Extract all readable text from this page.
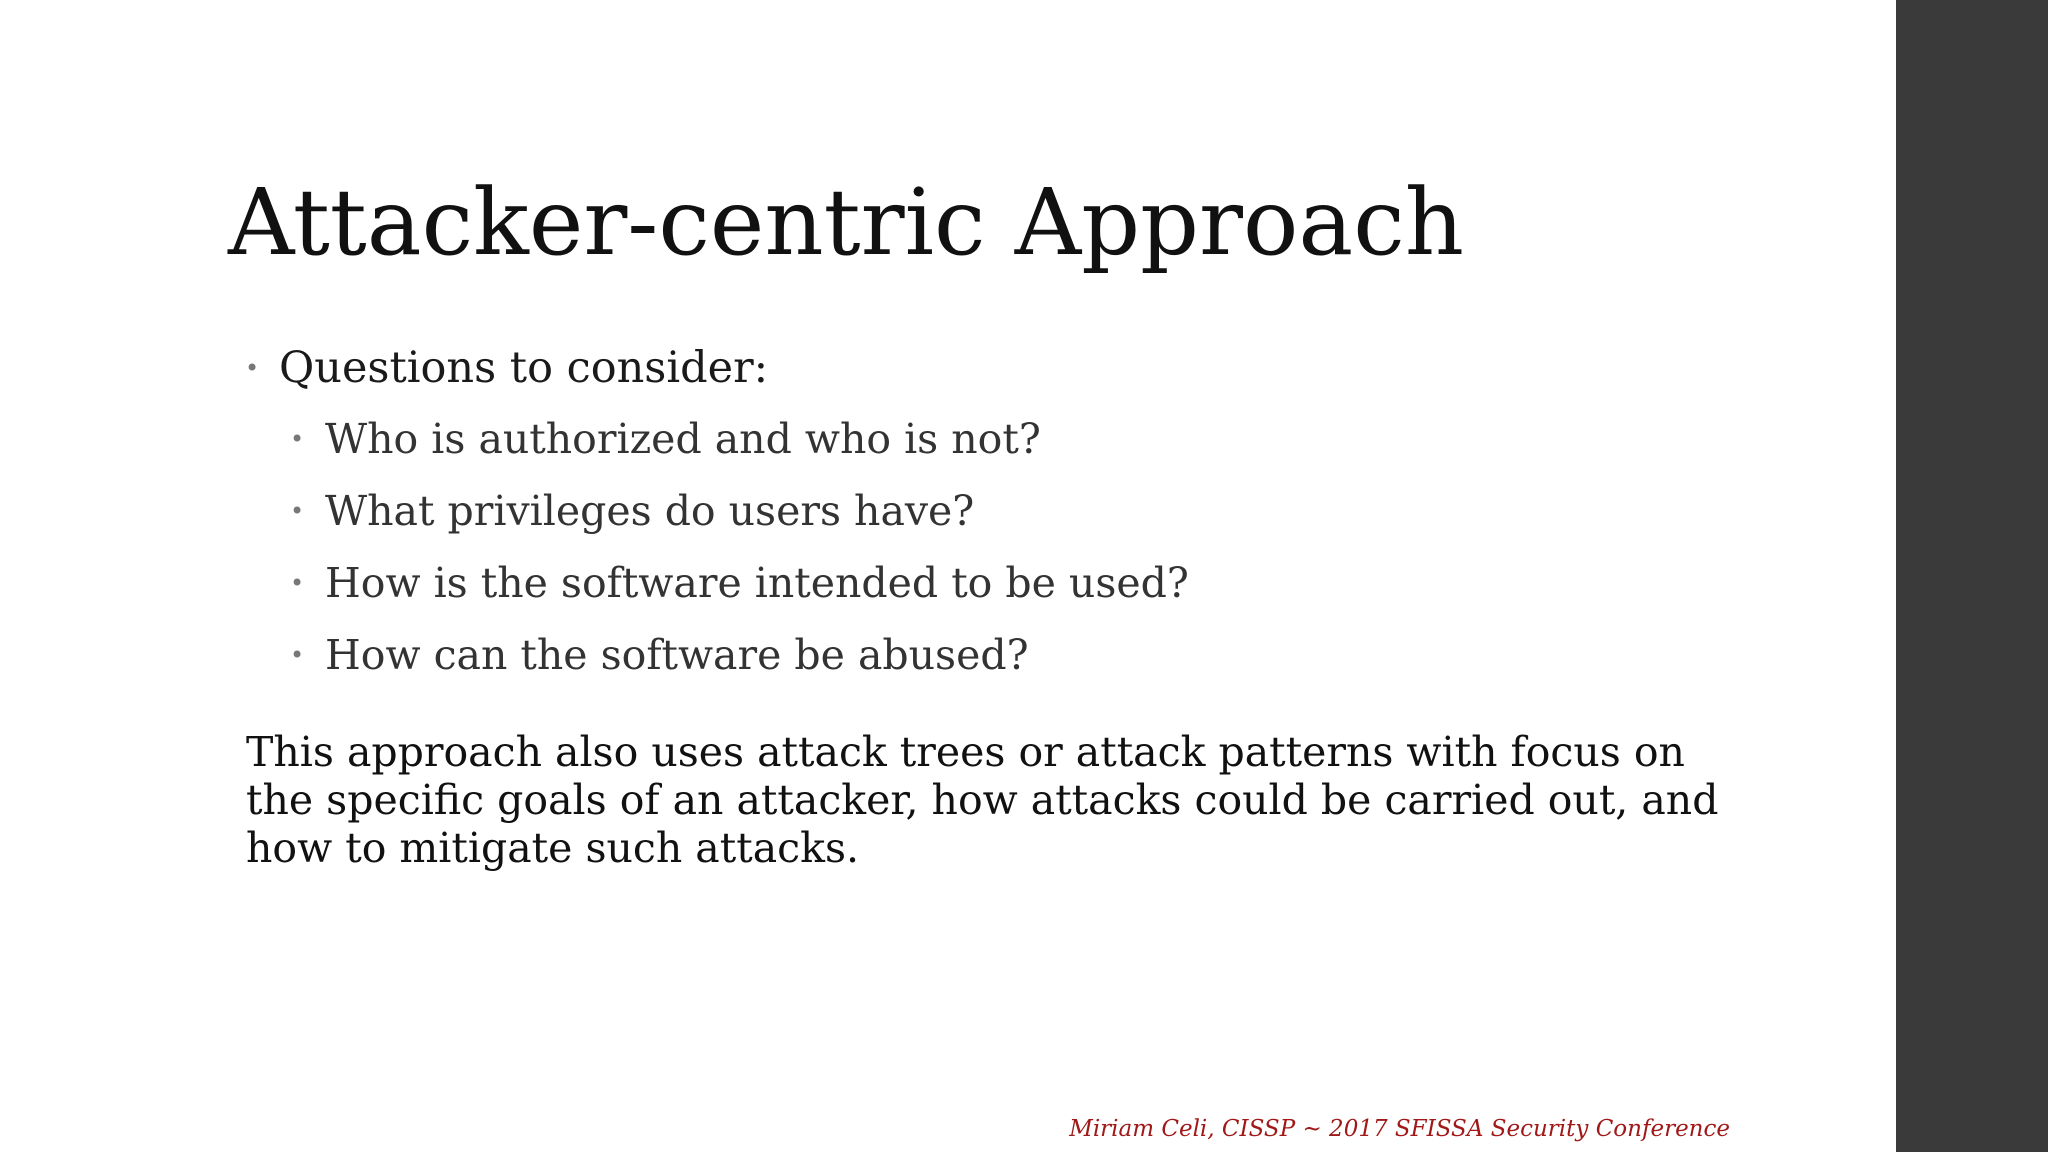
Attacker-centric Approach
• Questions to consider:
• Who is authorized and who is not?
• What privileges do users have?
• How is the software intended to be used?
• How can the software be abused?

This approach also uses attack trees or attack patterns with focus on the specific goals of an attacker, how attacks could be carried out, and how to mitigate such attacks.

Miriam Celi, CISSP ~ 2017 SFISSA Security Conference
